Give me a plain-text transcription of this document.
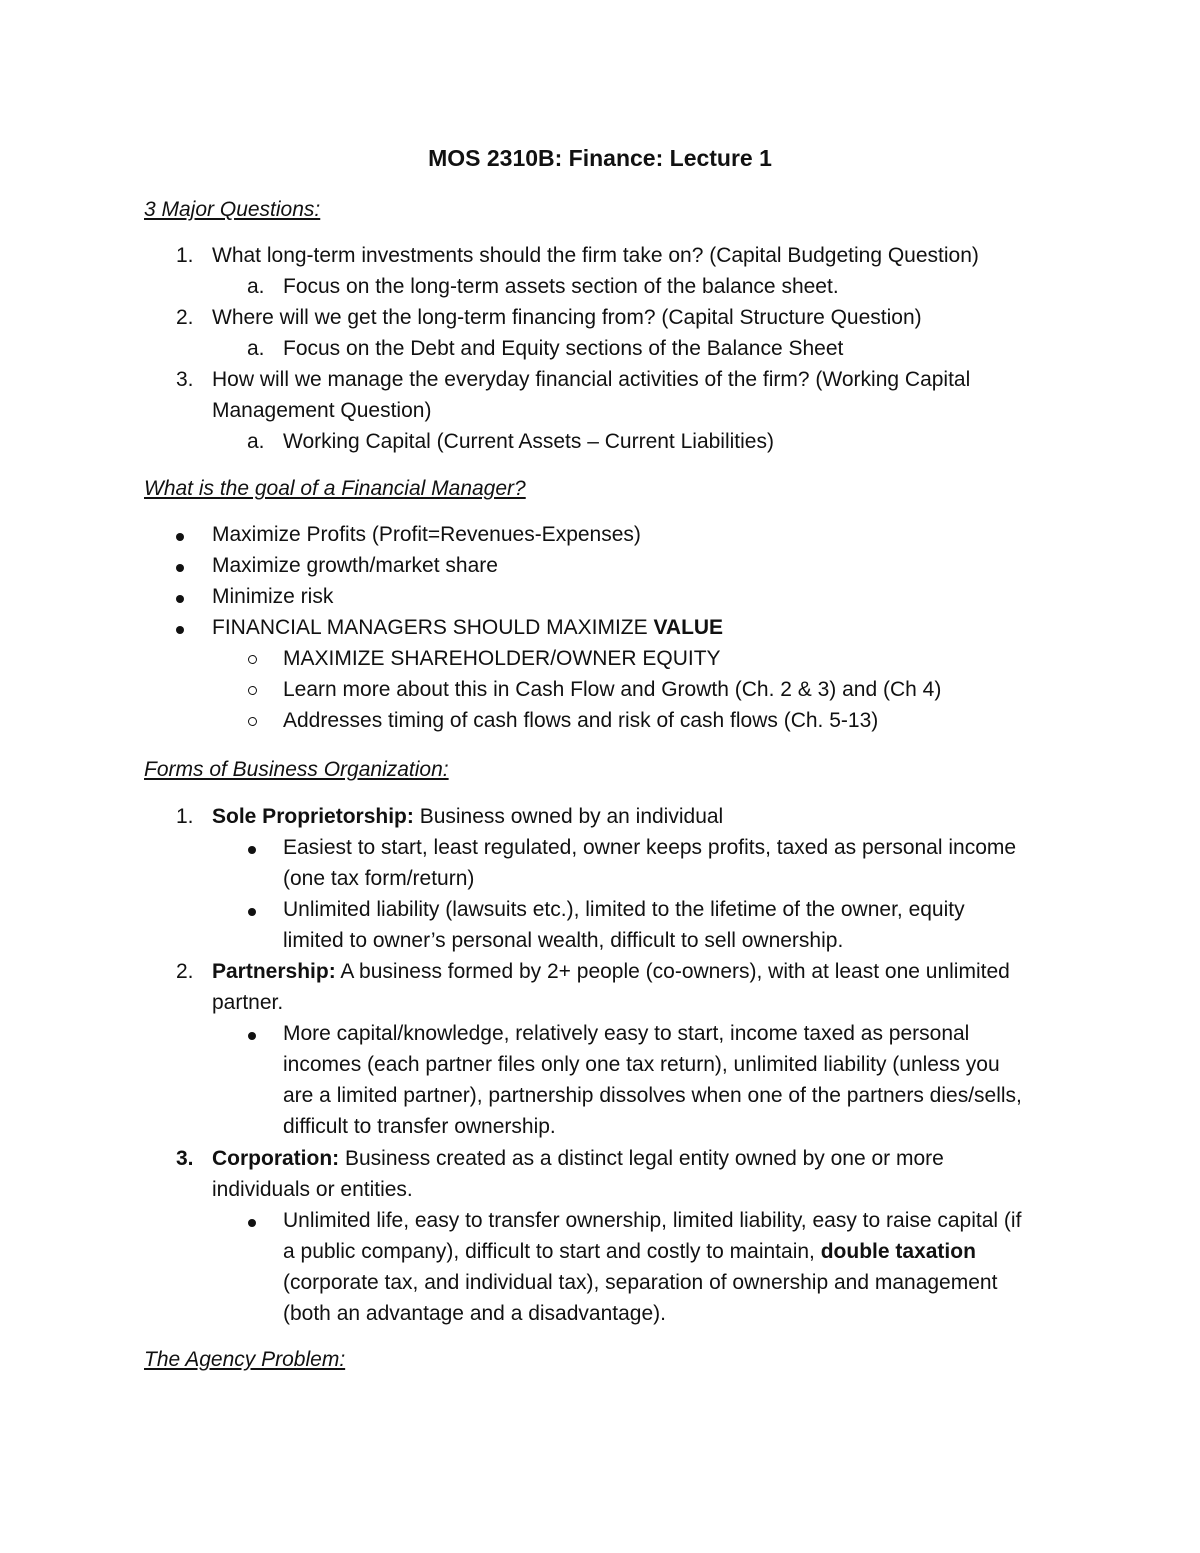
MOS 2310B: Finance: Lecture 1
3 Major Questions:
1. What long-term investments should the firm take on? (Capital Budgeting Question)
a. Focus on the long-term assets section of the balance sheet.
2. Where will we get the long-term financing from? (Capital Structure Question)
a. Focus on the Debt and Equity sections of the Balance Sheet
3. How will we manage the everyday financial activities of the firm? (Working Capital
Management Question)
a. Working Capital (Current Assets – Current Liabilities)
What is the goal of a Financial Manager?
Maximize Profits (Profit=Revenues-Expenses)
Maximize growth/market share
Minimize risk
FINANCIAL MANAGERS SHOULD MAXIMIZE VALUE
MAXIMIZE SHAREHOLDER/OWNER EQUITY
Learn more about this in Cash Flow and Growth (Ch. 2 & 3) and (Ch 4)
Addresses timing of cash flows and risk of cash flows (Ch. 5-13)
Forms of Business Organization:
1. Sole Proprietorship: Business owned by an individual
Easiest to start, least regulated, owner keeps profits, taxed as personal income
(one tax form/return)
Unlimited liability (lawsuits etc.), limited to the lifetime of the owner, equity
limited to owner’s personal wealth, difficult to sell ownership.
2. Partnership: A business formed by 2+ people (co-owners), with at least one unlimited
partner.
More capital/knowledge, relatively easy to start, income taxed as personal
incomes (each partner files only one tax return), unlimited liability (unless you
are a limited partner), partnership dissolves when one of the partners dies/sells,
difficult to transfer ownership.
3. Corporation: Business created as a distinct legal entity owned by one or more
individuals or entities.
Unlimited life, easy to transfer ownership, limited liability, easy to raise capital (if
a public company), difficult to start and costly to maintain, double taxation
(corporate tax, and individual tax), separation of ownership and management
(both an advantage and a disadvantage).
The Agency Problem:
